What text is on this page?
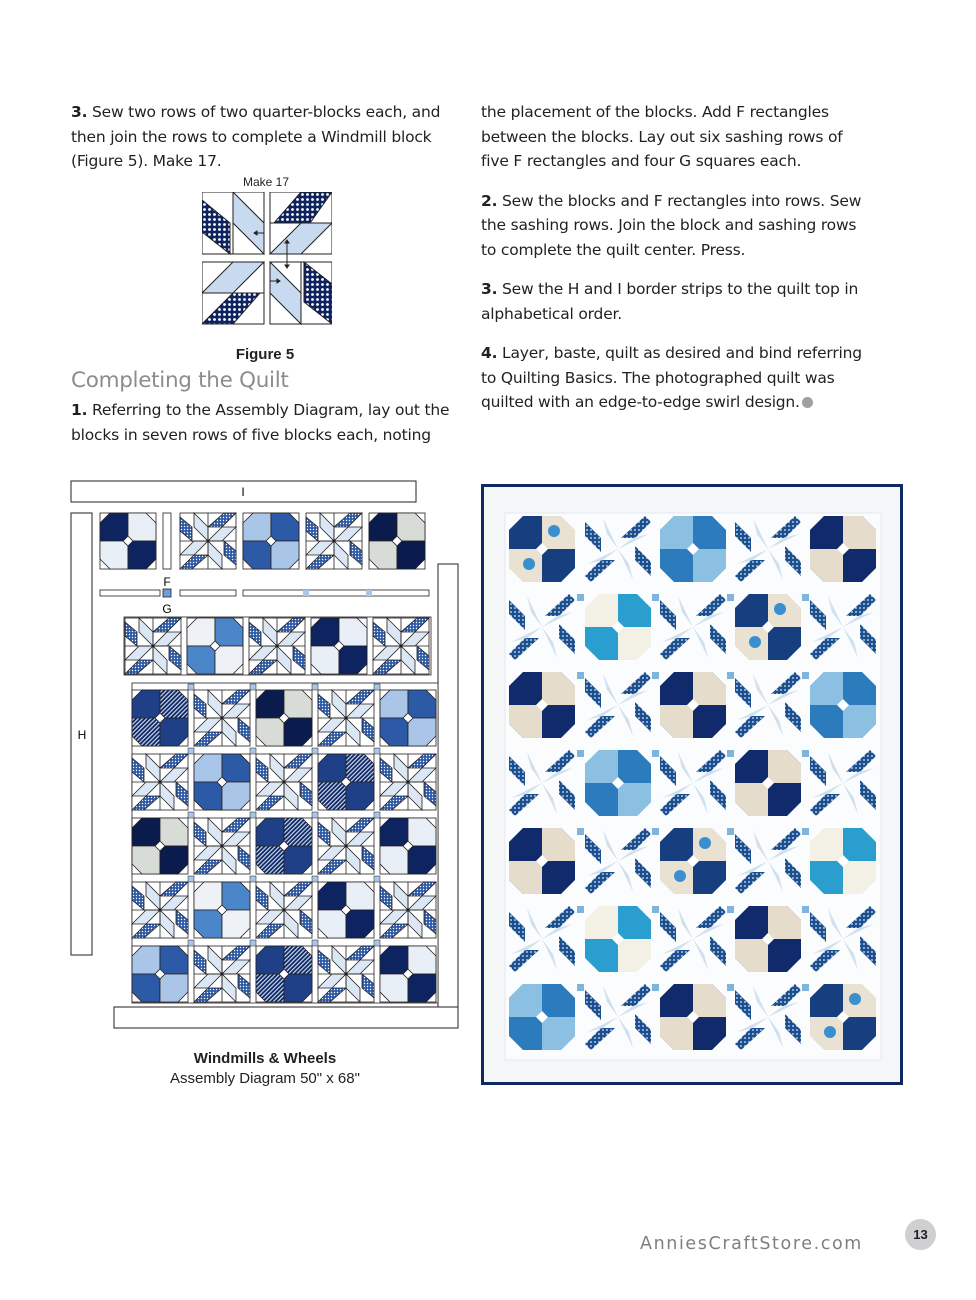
3. Sew two rows of two quarter-blocks each, and then join the rows to complete a Windmill block (Figure 5). Make 17.

Make 17
Figure 5
Completing the Quilt

1. Referring to the Assembly Diagram, lay out the blocks in seven rows of five blocks each, noting

the placement of the blocks. Add F rectangles between the blocks. Lay out six sashing rows of five F rectangles and four G squares each.

2. Sew the blocks and F rectangles into rows. Sew the sashing rows. Join the block and sashing rows to complete the quilt center. Press.

3. Sew the H and I border strips to the quilt top in alphabetical order.

4. Layer, baste, quilt as desired and bind referring to Quilting Basics. The photographed quilt was quilted with an edge-to-edge swirl design.

I
H
F
G
Windmills & Wheels
Assembly Diagram 50" x 68"
AnniesCraftStore.com	13
